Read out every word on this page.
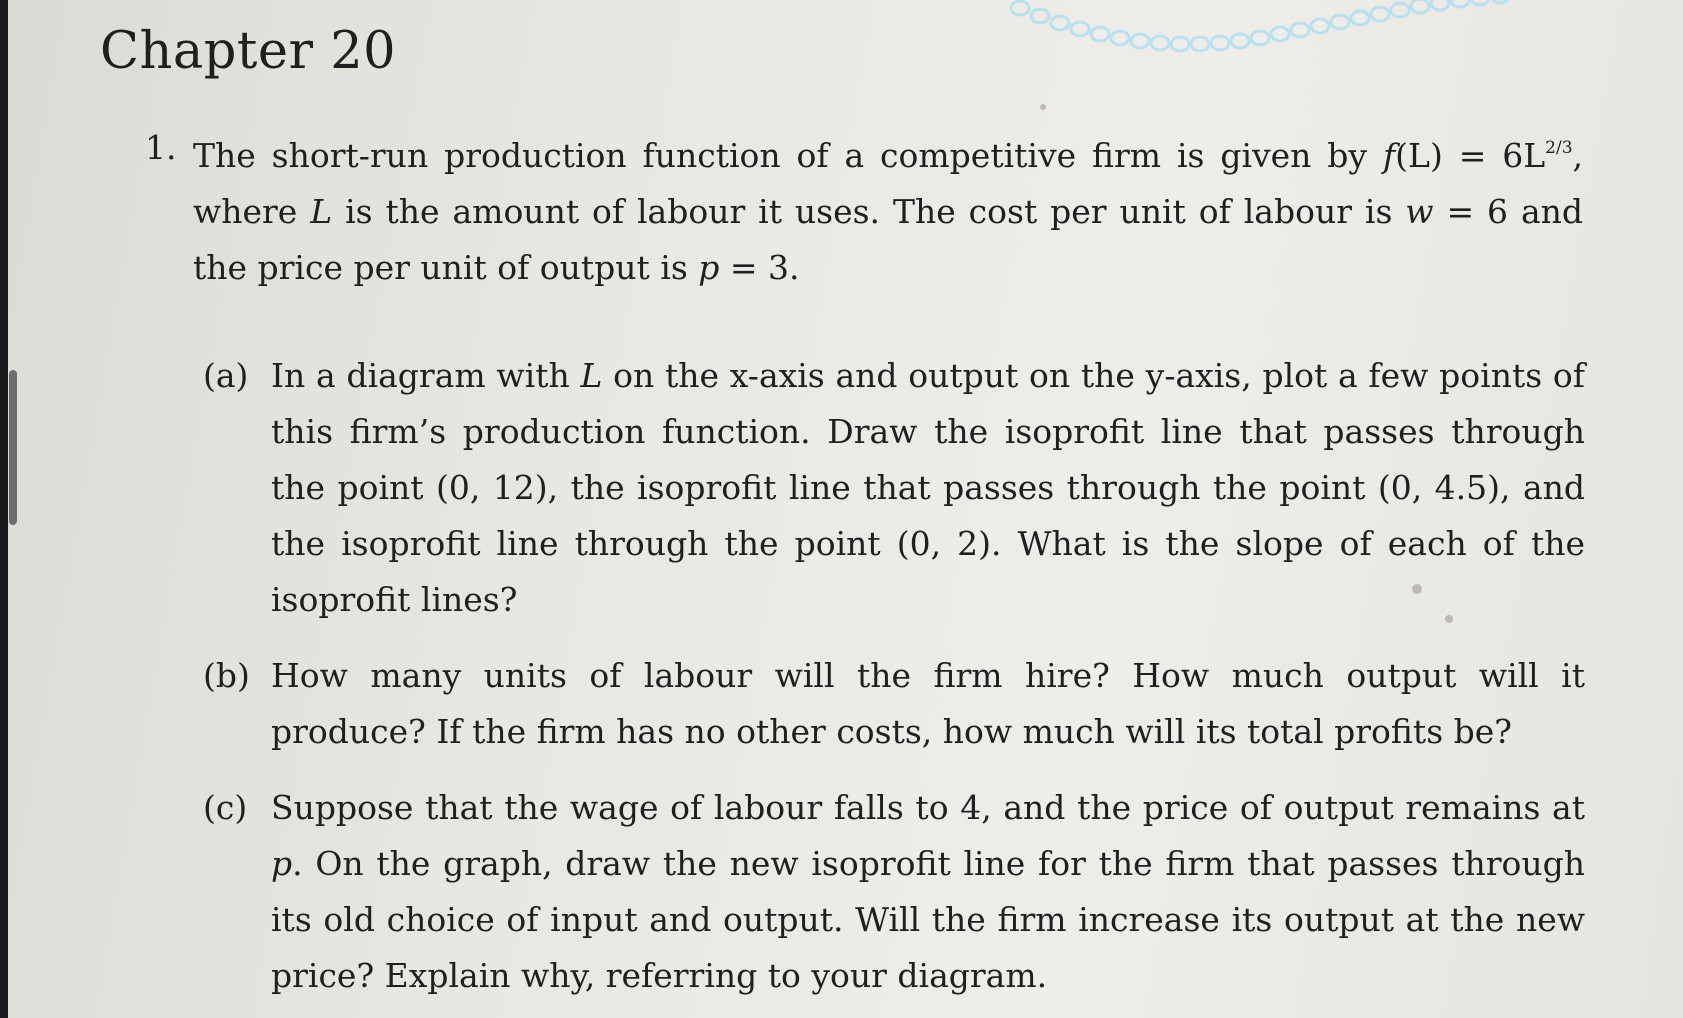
Chapter 20
1. The short-run production function of a competitive firm is given by $f(L) = 6L^{2/3}$, where L is the amount of labour it uses. The cost per unit of labour is w = 6 and the price per unit of output is p = 3.
(a) In a diagram with L on the x-axis and output on the y-axis, plot a few points of this firm’s production function. Draw the isoprofit line that passes through the point (0, 12), the isoprofit line that passes through the point (0, 4.5), and the isoprofit line through the point (0, 2). What is the slope of each of the isoprofit lines?
(b) How many units of labour will the firm hire? How much output will it produce? If the firm has no other costs, how much will its total profits be?
(c) Suppose that the wage of labour falls to 4, and the price of output remains at p. On the graph, draw the new isoprofit line for the firm that passes through its old choice of input and output. Will the firm increase its output at the new price? Explain why, referring to your diagram.
